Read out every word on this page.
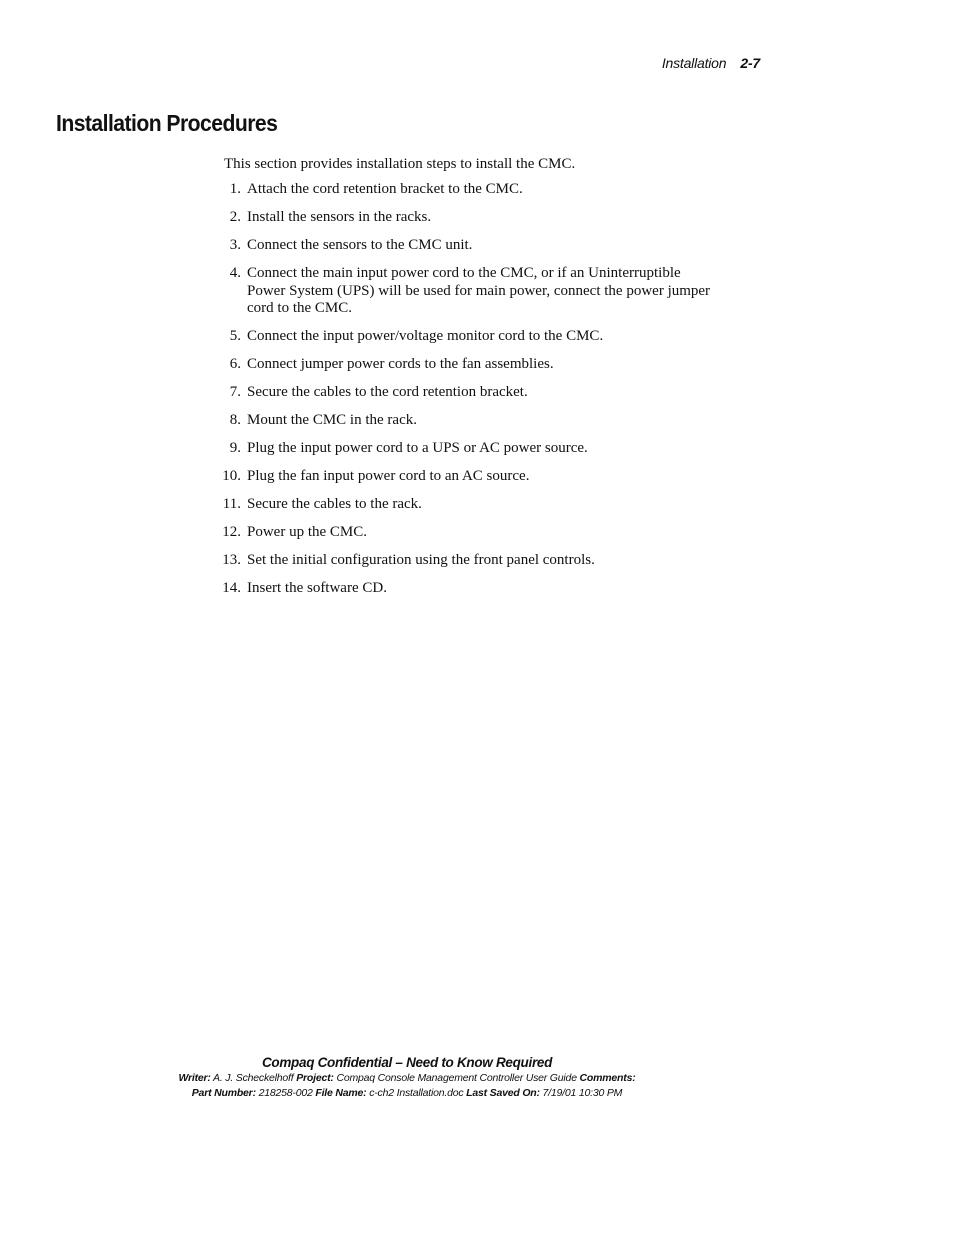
Installation 2-7
Installation Procedures

This section provides installation steps to install the CMC.

1. Attach the cord retention bracket to the CMC.
2. Install the sensors in the racks.
3. Connect the sensors to the CMC unit.
4. Connect the main input power cord to the CMC, or if an Uninterruptible Power System (UPS) will be used for main power, connect the power jumper cord to the CMC.
5. Connect the input power/voltage monitor cord to the CMC.
6. Connect jumper power cords to the fan assemblies.
7. Secure the cables to the cord retention bracket.
8. Mount the CMC in the rack.
9. Plug the input power cord to a UPS or AC power source.
10. Plug the fan input power cord to an AC source.
11. Secure the cables to the rack.
12. Power up the CMC.
13. Set the initial configuration using the front panel controls.
14. Insert the software CD.
Compaq Confidential – Need to Know Required
Writer: A. J. Scheckelhoff Project: Compaq Console Management Controller User Guide Comments:
Part Number: 218258-002 File Name: c-ch2 Installation.doc Last Saved On: 7/19/01 10:30 PM
